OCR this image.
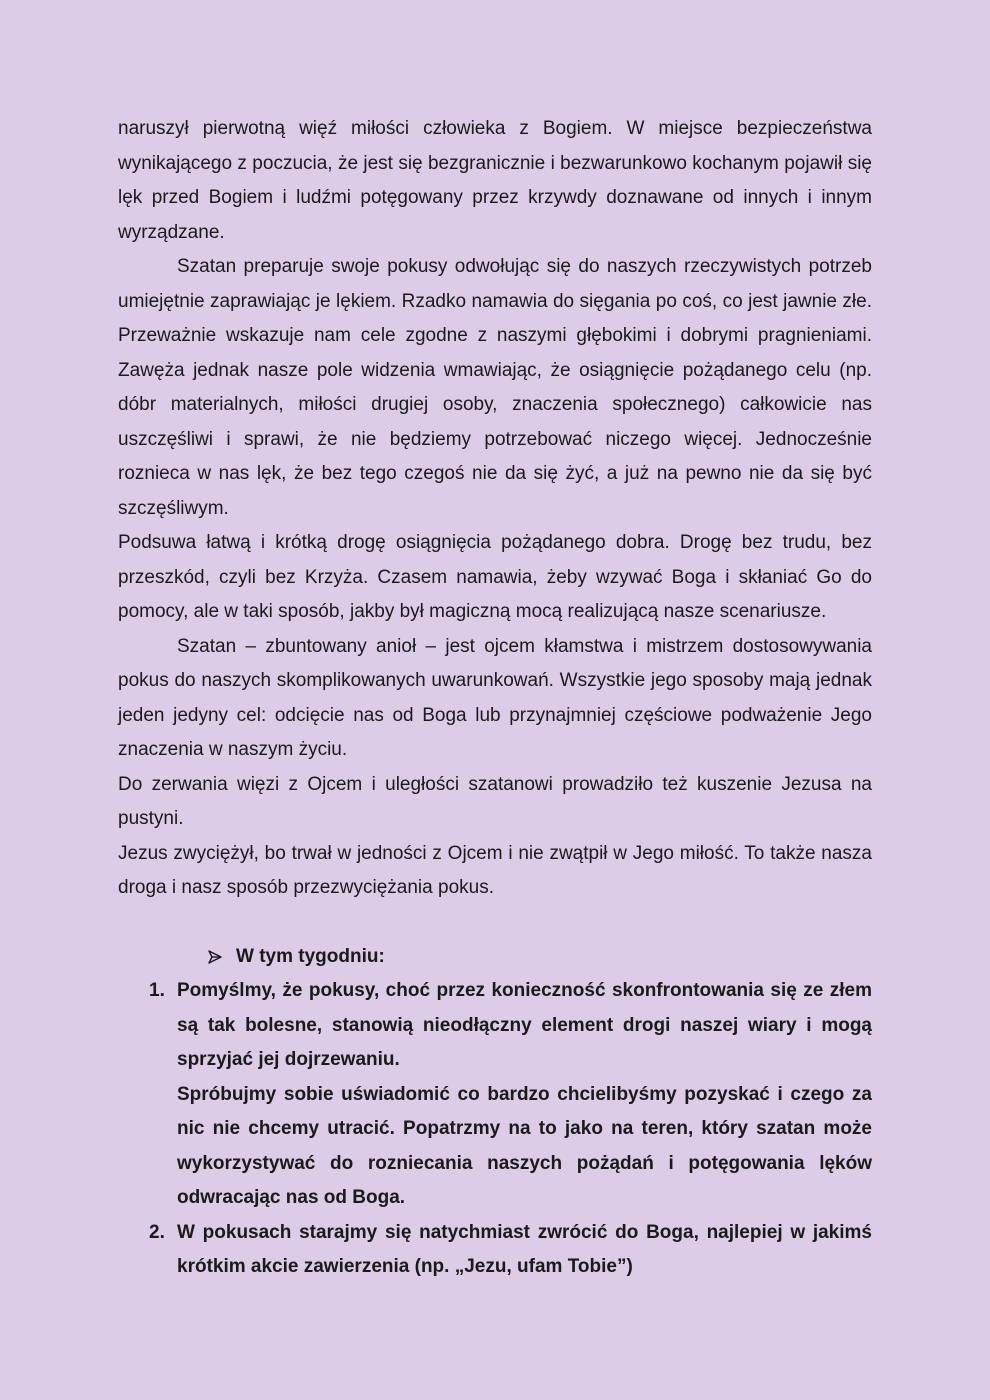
naruszył pierwotną więź miłości człowieka z Bogiem. W miejsce bezpieczeństwa wynikającego z poczucia, że jest się bezgranicznie i bezwarunkowo kochanym pojawił się lęk przed Bogiem i ludźmi potęgowany przez krzywdy doznawane od innych i innym wyrządzane.

Szatan preparuje swoje pokusy odwołując się do naszych rzeczywistych potrzeb umiejętnie zaprawiając je lękiem. Rzadko namawia do sięgania po coś, co jest jawnie złe. Przeważnie wskazuje nam cele zgodne z naszymi głębokimi i dobrymi pragnieniami. Zawęża jednak nasze pole widzenia wmawiając, że osiągnięcie pożądanego celu (np. dóbr materialnych, miłości drugiej osoby, znaczenia społecznego) całkowicie nas uszczęśliwi i sprawi, że nie będziemy potrzebować niczego więcej. Jednocześnie roznieca w nas lęk, że bez tego czegoś nie da się żyć, a już na pewno nie da się być szczęśliwym.

Podsuwa łatwą i krótką drogę osiągnięcia pożądanego dobra. Drogę bez trudu, bez przeszkód, czyli bez Krzyża. Czasem namawia, żeby wzywać Boga i skłaniać Go do pomocy, ale w taki sposób, jakby był magiczną mocą realizującą nasze scenariusze.

Szatan – zbuntowany anioł – jest ojcem kłamstwa i mistrzem dostosowywania pokus do naszych skomplikowanych uwarunkowań. Wszystkie jego sposoby mają jednak jeden jedyny cel: odcięcie nas od Boga lub przynajmniej częściowe podważenie Jego znaczenia w naszym życiu.

Do zerwania więzi z Ojcem i uległości szatanowi prowadziło też kuszenie Jezusa na pustyni.

Jezus zwyciężył, bo trwał w jedności z Ojcem i nie zwątpił w Jego miłość. To także nasza droga i nasz sposób przezwyciężania pokus.

W tym tygodniu:

1. Pomyślmy, że pokusy, choć przez konieczność skonfrontowania się ze złem są tak bolesne, stanowią nieodłączny element drogi naszej wiary i mogą sprzyjać jej dojrzewaniu.

Spróbujmy sobie uświadomić co bardzo chcielibyśmy pozyskać i czego za nic nie chcemy utracić. Popatrzmy na to jako na teren, który szatan może wykorzystywać do rozniecania naszych pożądań i potęgowania lęków odwracając nas od Boga.

2. W pokusach starajmy się natychmiast zwrócić do Boga, najlepiej w jakimś krótkim akcie zawierzenia (np. „Jezu, ufam Tobie”)
